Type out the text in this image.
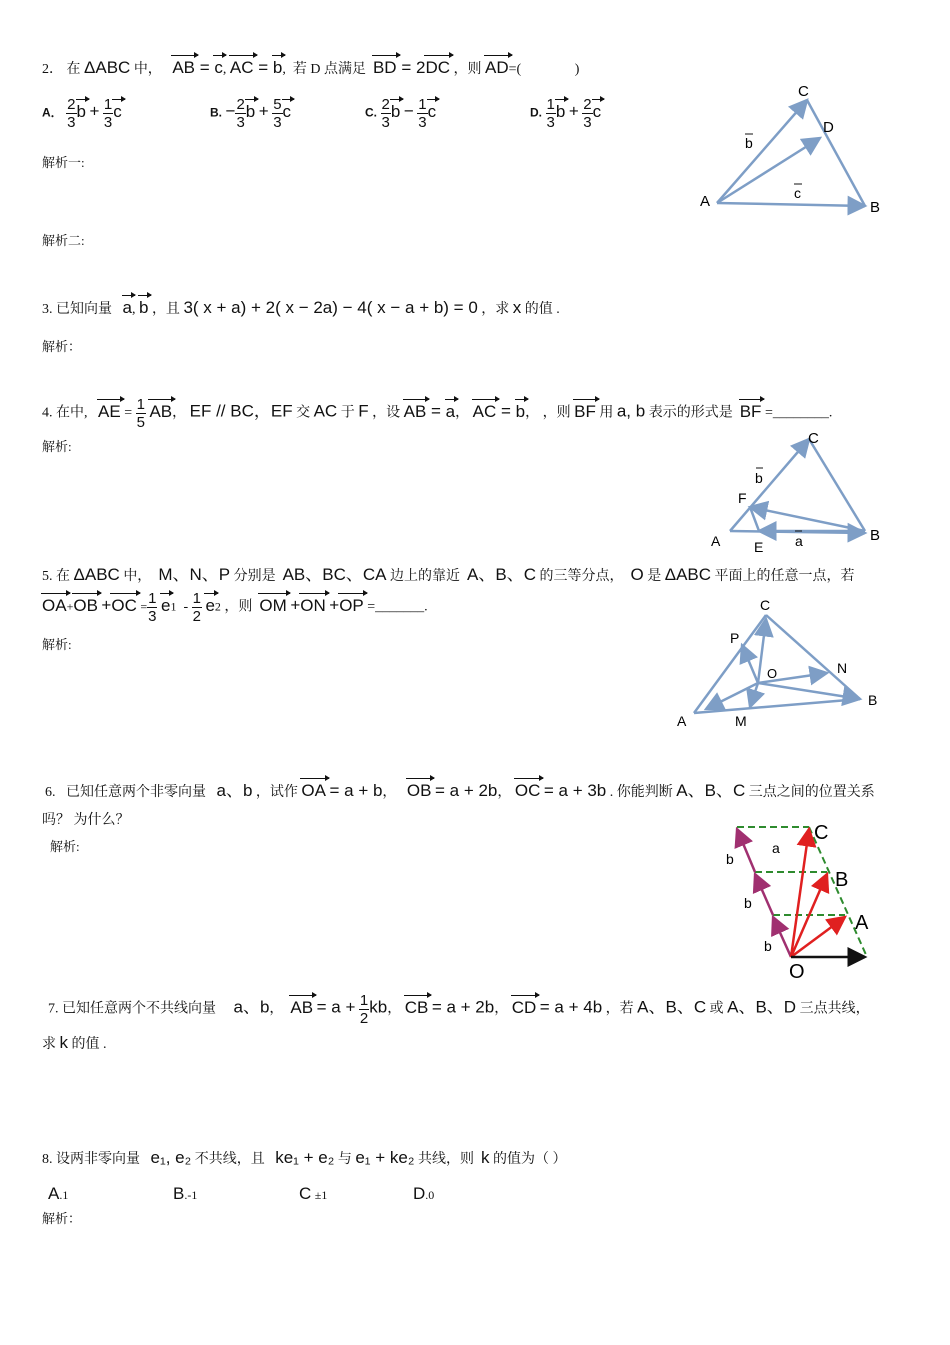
2． 在 ΔABC 中， AB = c, AC = b,  若 D 点满足 BD = 2DC ，则 AD=(	)
A． $\frac{2}{3}$ $b + \frac{1}{3}$ c	B. − $\frac{2}{3}$ $b + \frac{5}{3}$ c	C. $\frac{2}{3}$ $b - \frac{1}{3}$ c	D. $\frac{1}{3}$ $b + \frac{2}{3}$ c
解析一:
解析二:
C
D
A	B
b
c
3. 已知向量 a, b ，且 3( x + a) + 2( x − 2a) − 4( x − a + b) = 0 ，求 x 的值 .
解析：
4. 在中, AE = $\frac{1}{5}$ AB， EF // BC，EF 交 AC 于 F ，设 AB = a， AC = b， ，则 BF 用 a, b 表示的形式是 BF =________.
解析:	C
F
A E a	B
b
5. 在 ΔABC 中， M、N、P 分别是 AB、BC、CA 边上的靠近 A、B、C 的三等分点， O 是 ΔABC 平面上的任意一点，若
$OA+OB +OC = \frac{1}{3} e1 - \frac{1}{2} e2$ ，则 OM +ON +OP =_______.
解析:
C
P
O	N
B
A	M
6. 已知任意两个非零向量 a、b ，试作 OA = a + b，   OB = a + 2b， OC = a + 3b . 你能判断 A、B、C 三点之间的位置关系
吗？ 为什么？
解析:
C
B
A
O
a
b
b
b
7. 已知任意两个不共线向量 a、b，  AB = $a + \frac{1}{2}$ kb， CB = a + 2b， CD = a + 4b ，若 A、B、C 或 A、B、D 三点共线，
求 k 的值 .
8. 设两非零向量 e₁, e₂ 不共线，且 ke₁ + e₂ 与 e₁ + ke₂ 共线，则 k 的值为（ ）
A.1	B.-1	C ±1	D.0
解析：
